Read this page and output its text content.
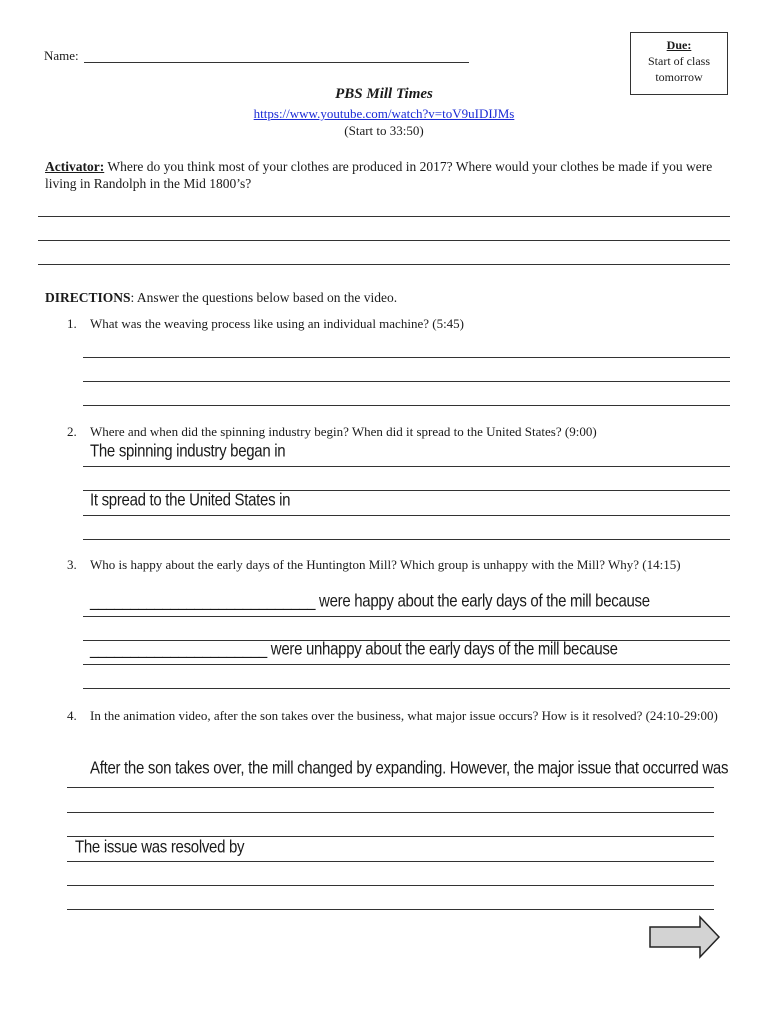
Name:
Due:
Start of class
tomorrow
PBS Mill Times
https://www.youtube.com/watch?v=toV9uIDIJMs
(Start to 33:50)
Activator: Where do you think most of your clothes are produced in 2017? Where would your clothes be made if you were living in Randolph in the Mid 1800’s?
DIRECTIONS: Answer the questions below based on the video.
1. What was the weaving process like using an individual machine? (5:45)
2. Where and when did the spinning industry begin? When did it spread to the United States? (9:00)
The spinning industry began in
It spread to the United States in
3. Who is happy about the early days of the Huntington Mill? Which group is unhappy with the Mill? Why? (14:15)
____________________________ were happy about the early days of the mill because
______________________ were unhappy about the early days of the mill because
4. In the animation video, after the son takes over the business, what major issue occurs? How is it resolved? (24:10-29:00)
After the son takes over, the mill changed by expanding. However, the major issue that occurred was
The issue was resolved by
